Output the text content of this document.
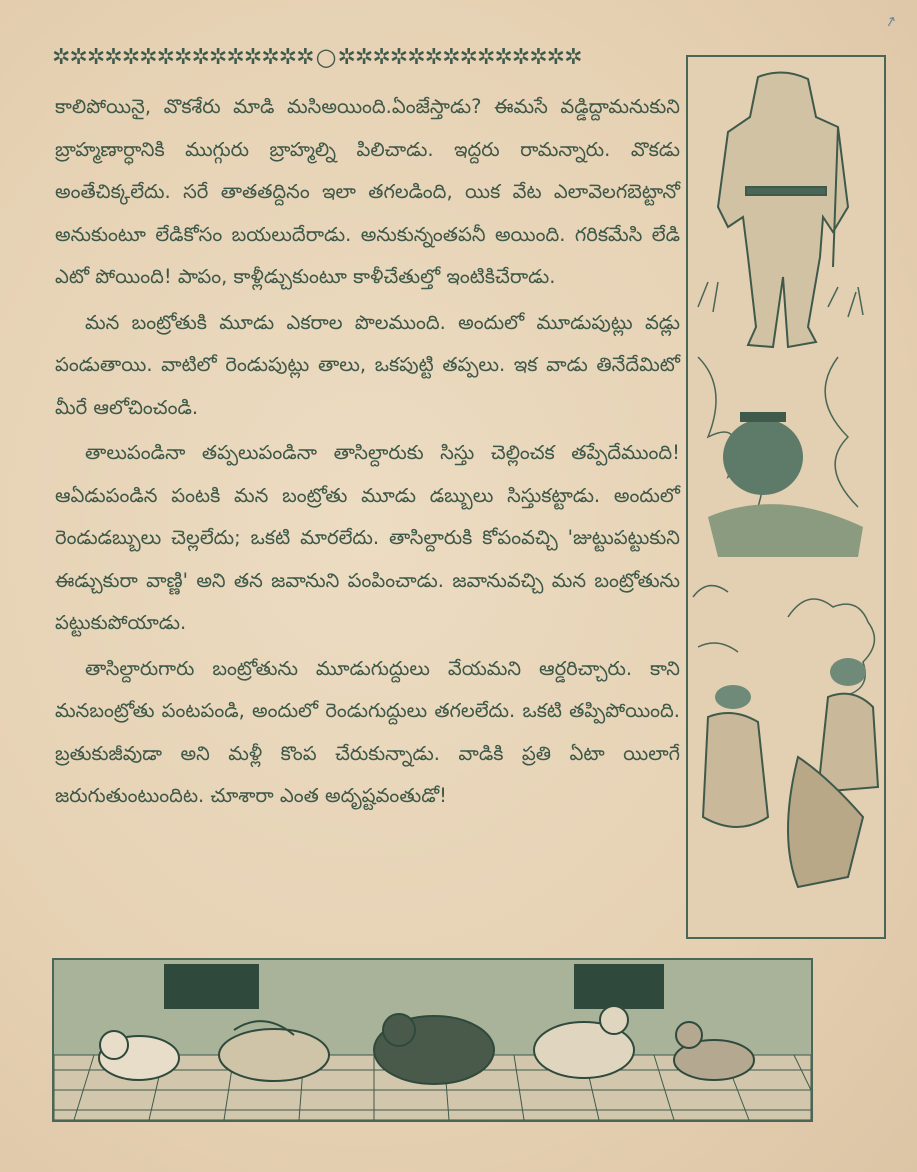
✲✲✲✲✲✲✲✲✲✲✲✲✲✲✲ ○ ✲✲✲✲✲✲✲✲✲✲✲✲✲✲

కాలిపోయినై, వొకశేరు మాడి మసిఅయింది.ఏంజేస్తాడు? ఈమసే వడ్డిద్దామనుకుని బ్రాహ్మణార్ధానికి ముగ్గురు బ్రాహ్మల్ని పిలిచాడు. ఇద్దరు రామన్నారు. వొకడు అంతేచిక్కలేదు. సరే తాతతద్దినం ఇలా తగలడింది, యిక వేట ఎలావెలగబెట్టానో అనుకుంటూ లేడికోసం బయలుదేరాడు. అనుకున్నంతపనీ అయింది. గరికమేసి లేడి ఎటో పోయింది! పాపం, కాళ్లీడ్చుకుంటూ కాళీచేతుల్తో ఇంటికిచేరాడు.

మన బంట్రోతుకి మూడు ఎకరాల పొలముంది. అందులో మూడుపుట్లు వడ్లు పండుతాయి. వాటిలో రెండుపుట్లు తాలు, ఒకపుట్టి తప్పలు. ఇక వాడు తినేదేమిటో మీరే ఆలోచించండి.

తాలుపండినా తప్పలుపండినా తాసిల్దారుకు సిస్తు చెల్లించక తప్పేదేముంది! ఆఏడుపండిన పంటకి మన బంట్రోతు మూడు డబ్బులు సిస్తుకట్టాడు. అందులో రెండుడబ్బులు చెల్లలేదు; ఒకటి మారలేదు. తాసిల్దారుకి కోపంవచ్చి 'జుట్టుపట్టుకుని ఈడ్చుకురా వాణ్ణి' అని తన జవానుని పంపించాడు. జవానువచ్చి మన బంట్రోతును పట్టుకుపోయాడు.

తాసిల్దారుగారు బంట్రోతును మూడుగుద్దులు వేయమని ఆర్డరిచ్చారు. కాని మనబంట్రోతు పంటపండి, అందులో రెండుగుద్దులు తగలలేదు. ఒకటి తప్పిపోయింది. బ్రతుకుజీవుడా అని మళ్లీ కొంప చేరుకున్నాడు. వాడికి ప్రతి ఏటా యిలాగే జరుగుతుంటుందిట. చూశారా ఎంత అదృష్టవంతుడో!

↗
